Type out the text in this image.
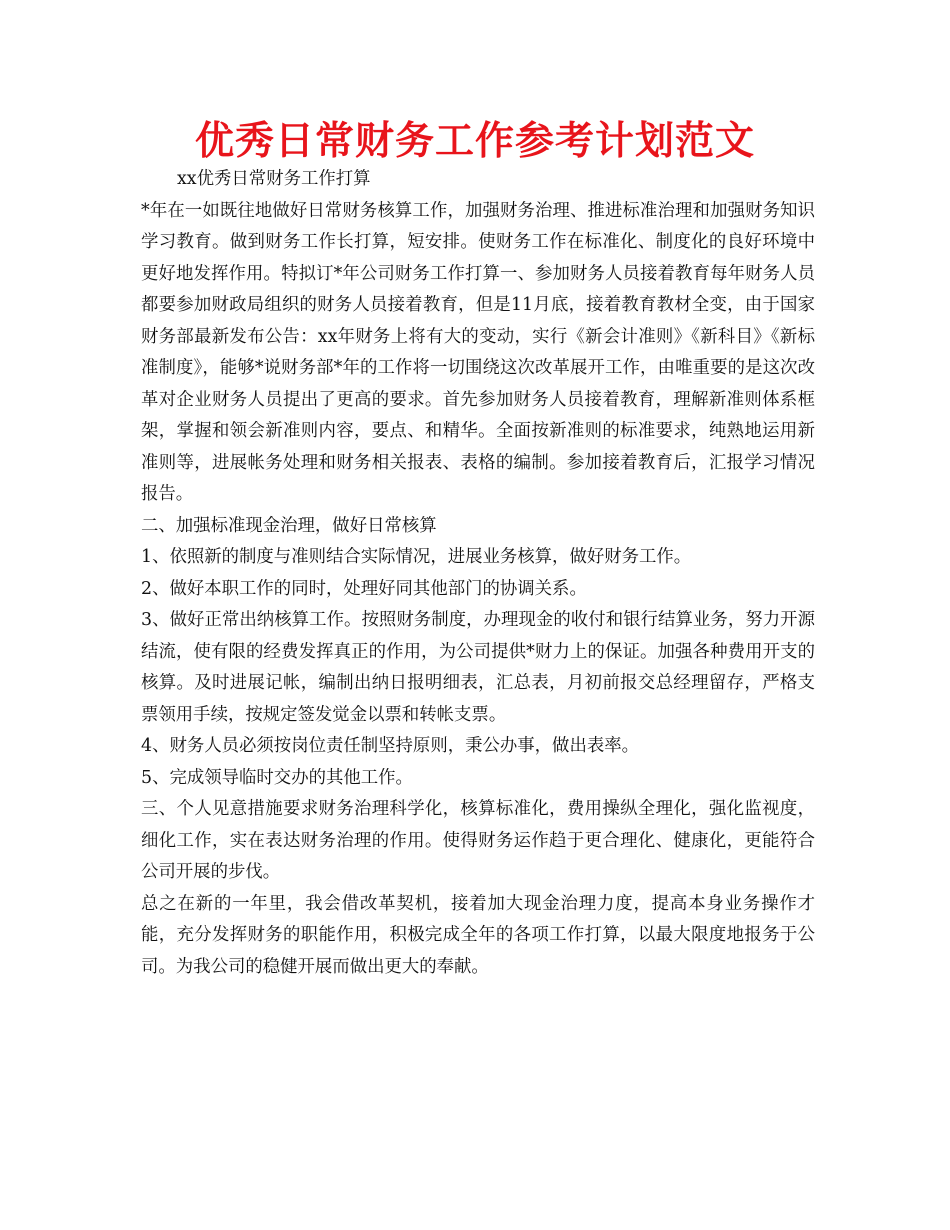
优秀日常财务工作参考计划范文

xx优秀日常财务工作打算

*年在一如既往地做好日常财务核算工作，加强财务治理、推进标准治理和加强财务知识学习教育。做到财务工作长打算，短安排。使财务工作在标准化、制度化的良好环境中更好地发挥作用。特拟订*年公司财务工作打算一、参加财务人员接着教育每年财务人员都要参加财政局组织的财务人员接着教育，但是11月底，接着教育教材全变，由于国家财务部最新发布公告：xx年财务上将有大的变动，实行《新会计准则》《新科目》《新标准制度》，能够*说财务部*年的工作将一切围绕这次改革展开工作，由唯重要的是这次改革对企业财务人员提出了更高的要求。首先参加财务人员接着教育，理解新准则体系框架，掌握和领会新准则内容，要点、和精华。全面按新准则的标准要求，纯熟地运用新准则等，进展帐务处理和财务相关报表、表格的编制。参加接着教育后，汇报学习情况报告。

二、加强标准现金治理，做好日常核算

1、依照新的制度与准则结合实际情况，进展业务核算，做好财务工作。

2、做好本职工作的同时，处理好同其他部门的协调关系。

3、做好正常出纳核算工作。按照财务制度，办理现金的收付和银行结算业务，努力开源结流，使有限的经费发挥真正的作用，为公司提供*财力上的保证。加强各种费用开支的核算。及时进展记帐，编制出纳日报明细表，汇总表，月初前报交总经理留存，严格支票领用手续，按规定签发觉金以票和转帐支票。

4、财务人员必须按岗位责任制坚持原则，秉公办事，做出表率。

5、完成领导临时交办的其他工作。

三、个人见意措施要求财务治理科学化，核算标准化，费用操纵全理化，强化监视度，细化工作，实在表达财务治理的作用。使得财务运作趋于更合理化、健康化，更能符合公司开展的步伐。

总之在新的一年里，我会借改革契机，接着加大现金治理力度，提高本身业务操作才能，充分发挥财务的职能作用，积极完成全年的各项工作打算，以最大限度地报务于公司。为我公司的稳健开展而做出更大的奉献。
